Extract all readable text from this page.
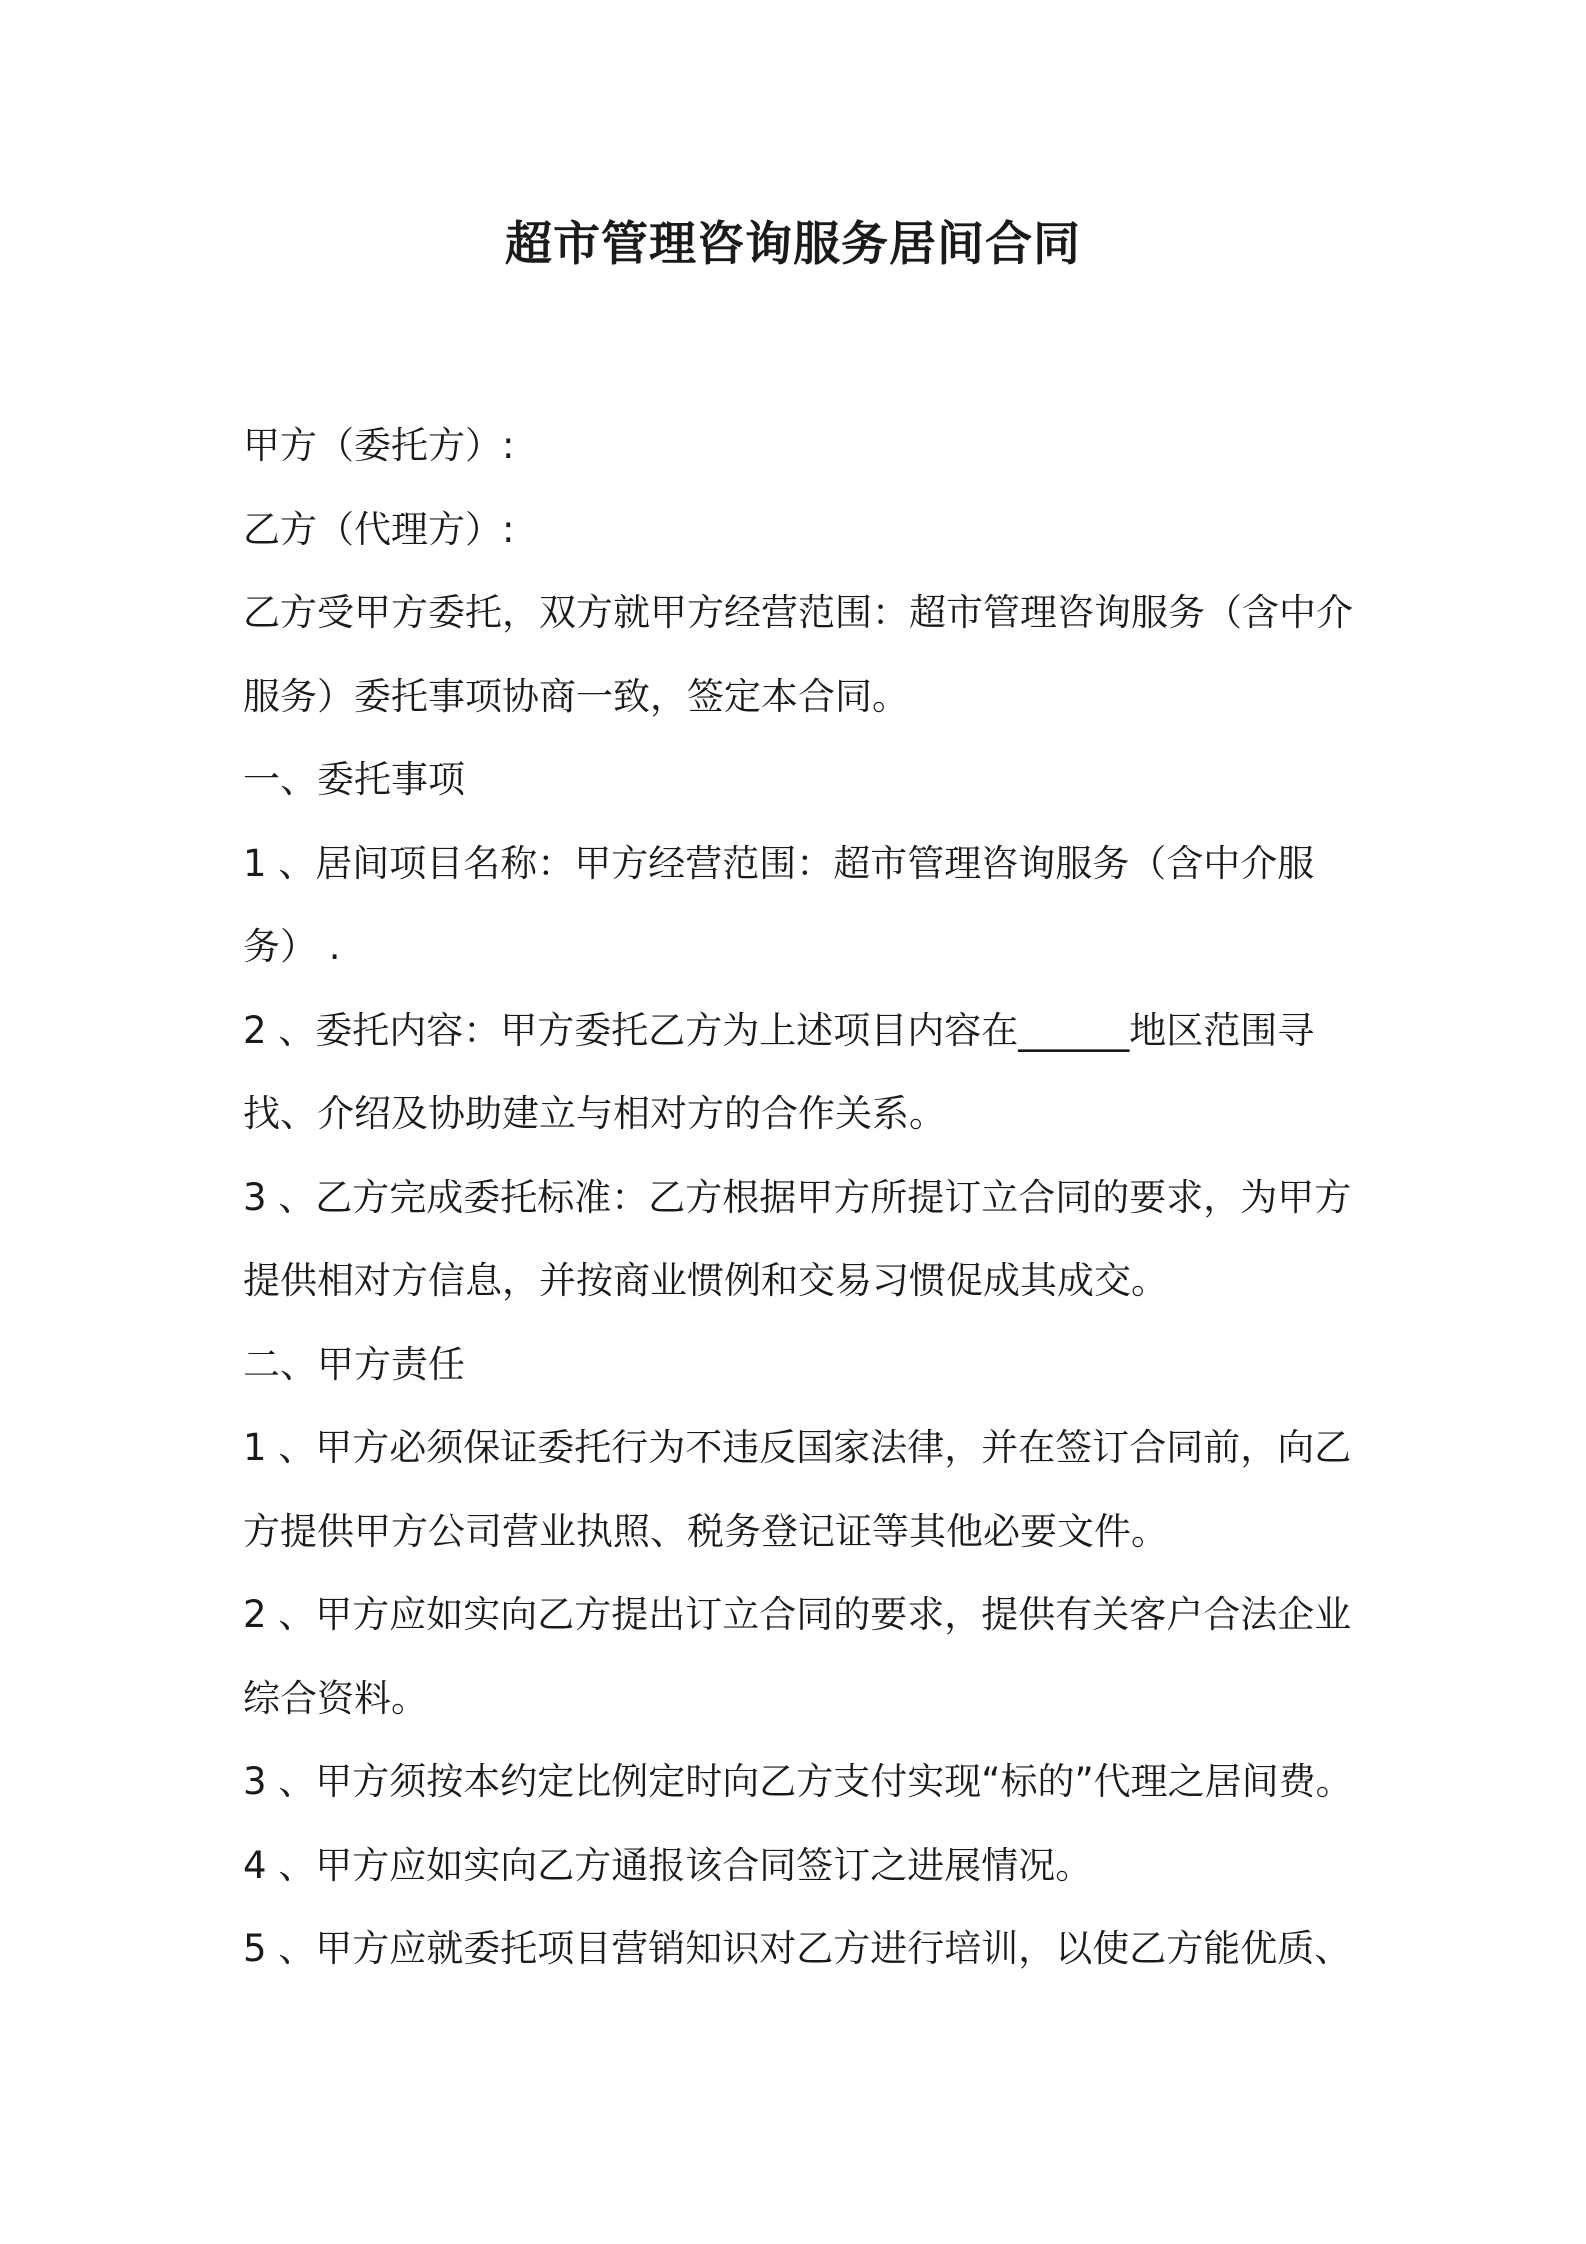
超市管理咨询服务居间合同
甲方（委托方）:
乙方（代理方）:
乙方受甲方委托，双方就甲方经营范围：超市管理咨询服务（含中介
服务）委托事项协商一致，签定本合同。
一、委托事项
1 、居间项目名称：甲方经营范围：超市管理咨询服务（含中介服
务） .
2 、委托内容：甲方委托乙方为上述项目内容在______地区范围寻
找、介绍及协助建立与相对方的合作关系。
3 、乙方完成委托标准：乙方根据甲方所提订立合同的要求，为甲方
提供相对方信息，并按商业惯例和交易习惯促成其成交。
二、甲方责任
1 、甲方必须保证委托行为不违反国家法律，并在签订合同前，向乙
方提供甲方公司营业执照、税务登记证等其他必要文件。
2 、甲方应如实向乙方提出订立合同的要求，提供有关客户合法企业
综合资料。
3 、甲方须按本约定比例定时向乙方支付实现“标的”代理之居间费。
4 、甲方应如实向乙方通报该合同签订之进展情况。
5 、甲方应就委托项目营销知识对乙方进行培训，以使乙方能优质、
